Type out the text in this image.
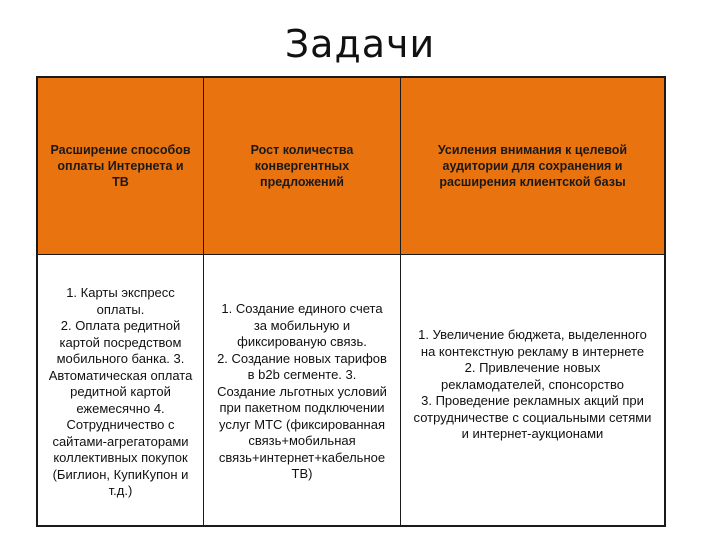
Задачи
Расширение способов оплаты Интернета и ТВ
Рост количества конвергентных предложений
Усиления внимания к целевой аудитории для сохранения и расширения клиентской базы
1. Карты экспресс
оплаты.
2. Оплата редитной
картой посредством
мобильного банка. 3.
Автоматическая оплата
редитной картой
ежемесячно 4.
Сотрудничество с
сайтами-агрегаторами
коллективных покупок
(Биглион, КупиКупон и
т.д.)
1. Создание единого счета
за мобильную и
фиксированую связь.
2. Создание новых тарифов
в b2b сегменте. 3.
Создание льготных условий
при пакетном подключении
услуг МТС (фиксированная
связь+мобильная
связь+интернет+кабельное
ТВ)
1. Увеличение бюджета, выделенного
на контекстную рекламу в интернете
2. Привлечение новых
рекламодателей, спонсорство
3. Проведение рекламных акций при
сотрудничестве с социальными сетями
и интернет-аукционами
